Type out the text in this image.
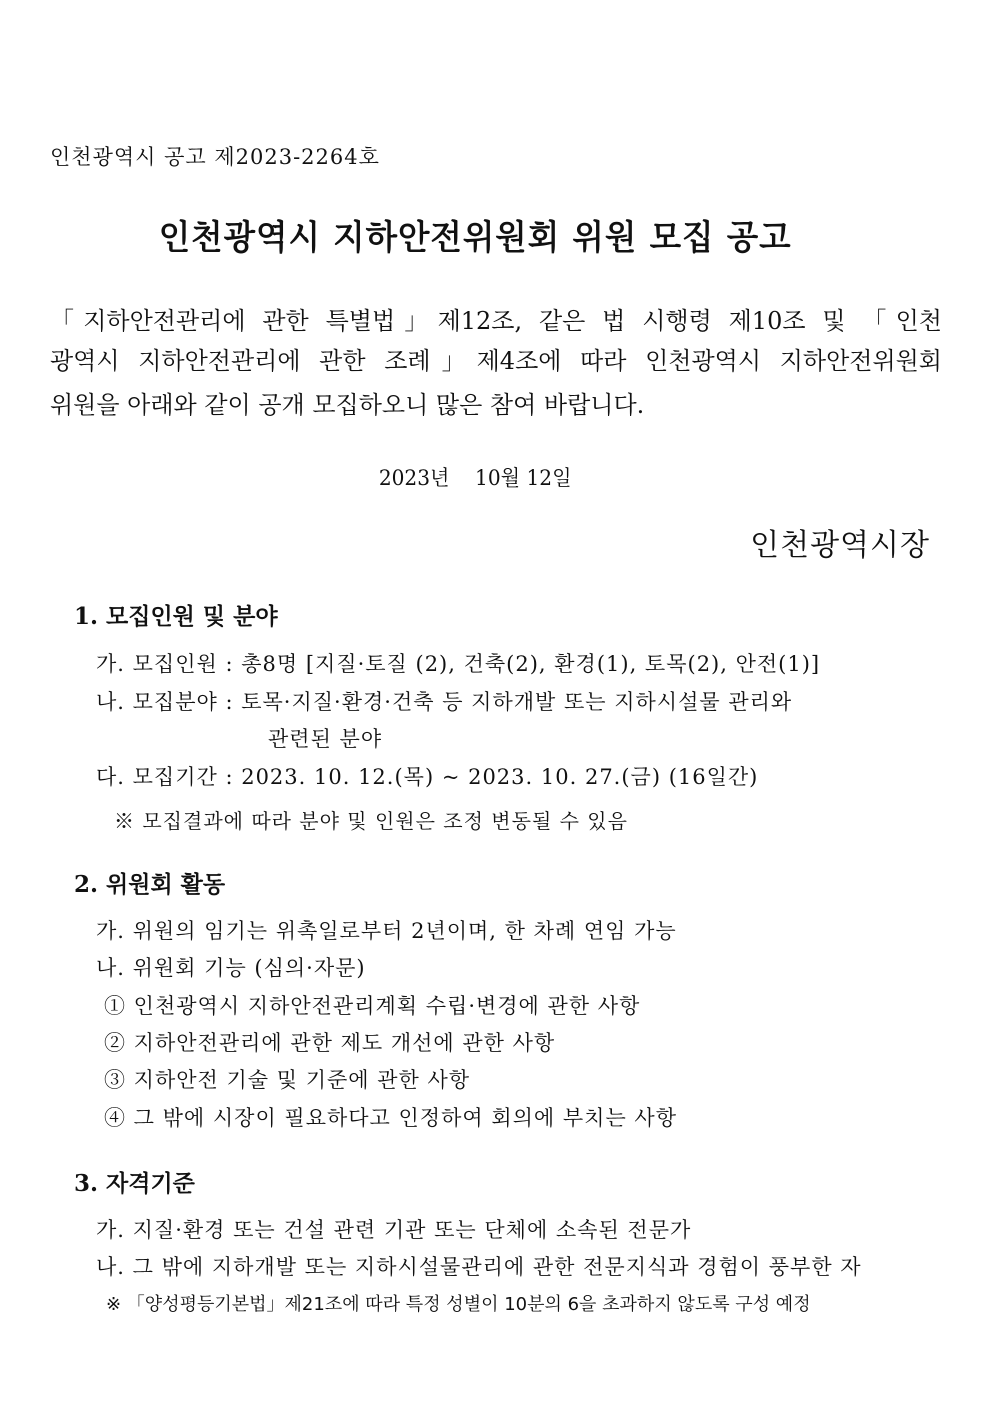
인천광역시 공고 제2023-2264호
인천광역시 지하안전위원회 위원 모집 공고
「지하안전관리에 관한 특별법」제12조, 같은 법 시행령 제10조 및 「인천
광역시 지하안전관리에 관한 조례」제4조에 따라 인천광역시 지하안전위원회
위원을 아래와 같이 공개 모집하오니 많은 참여 바랍니다.
2023년    10월 12일
인천광역시장
1. 모집인원 및 분야
가. 모집인원 : 총8명 [지질·토질 (2), 건축(2), 환경(1), 토목(2), 안전(1)]
나. 모집분야 : 토목·지질·환경·건축 등 지하개발 또는 지하시설물 관리와
관련된 분야
다. 모집기간 : 2023. 10. 12.(목) ~ 2023. 10. 27.(금) (16일간)
※ 모집결과에 따라 분야 및 인원은 조정 변동될 수 있음
2. 위원회 활동
가. 위원의 임기는 위촉일로부터 2년이며, 한 차례 연임 가능
나. 위원회 기능 (심의·자문)
① 인천광역시 지하안전관리계획 수립·변경에 관한 사항
② 지하안전관리에 관한 제도 개선에 관한 사항
③ 지하안전 기술 및 기준에 관한 사항
④ 그 밖에 시장이 필요하다고 인정하여 회의에 부치는 사항
3. 자격기준
가. 지질·환경 또는 건설 관련 기관 또는 단체에 소속된 전문가
나. 그 밖에 지하개발 또는 지하시설물관리에 관한 전문지식과 경험이 풍부한 자
※ 「양성평등기본법」제21조에 따라 특정 성별이 10분의 6을 초과하지 않도록 구성 예정
